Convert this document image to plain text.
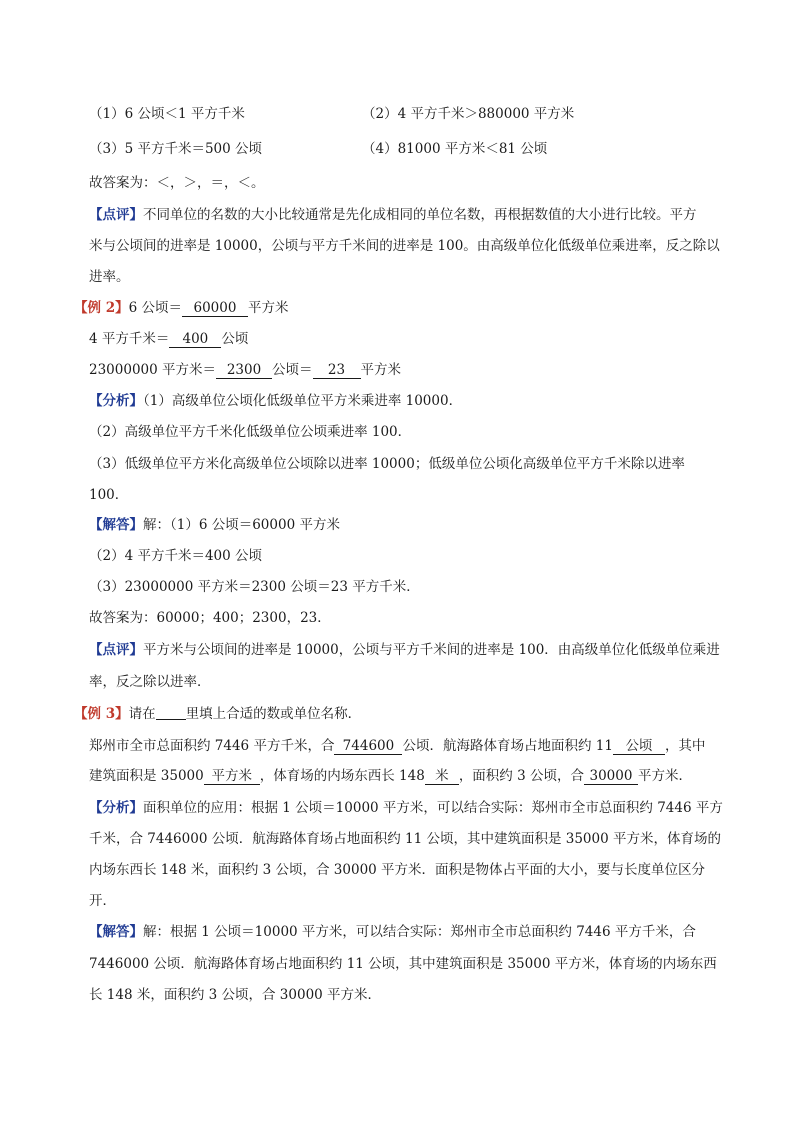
（1）6 公顷＜1 平方千米	（2）4 平方千米＞880000 平方米
（3）5 平方千米＝500 公顷	（4）81000 平方米＜81 公顷
故答案为：＜，＞，＝，＜。
【点评】不同单位的名数的大小比较通常是先化成相同的单位名数，再根据数值的大小进行比较。平方
米与公顷间的进率是 10000，公顷与平方千米间的进率是 100。由高级单位化低级单位乘进率，反之除以
进率。
【例 2】6 公顷＝ 60000 平方米
4 平方千米＝ 400 公顷
23000000 平方米＝ 2300 公顷＝ 23 平方米
【分析】（1）高级单位公顷化低级单位平方米乘进率 10000．
（2）高级单位平方千米化低级单位公顷乘进率 100．
（3）低级单位平方米化高级单位公顷除以进率 10000；低级单位公顷化高级单位平方千米除以进率
100．
【解答】解：（1）6 公顷＝60000 平方米
（2）4 平方千米＝400 公顷
（3）23000000 平方米＝2300 公顷＝23 平方千米．
故答案为：60000；400；2300，23．
【点评】平方米与公顷间的进率是 10000，公顷与平方千米间的进率是 100．由高级单位化低级单位乘进
率，反之除以进率．
【例 3】请在 里填上合适的数或单位名称．
郑州市全市总面积约 7446 平方千米，合 744600 公顷．航海路体育场占地面积约 11 公顷 ，其中
建筑面积是 35000 平方米 ，体育场的内场东西长 148 米 ，面积约 3 公顷，合 30000 平方米．
【分析】面积单位的应用：根据 1 公顷＝10000 平方米，可以结合实际：郑州市全市总面积约 7446 平方
千米，合 7446000 公顷．航海路体育场占地面积约 11 公顷，其中建筑面积是 35000 平方米，体育场的
内场东西长 148 米，面积约 3 公顷，合 30000 平方米．面积是物体占平面的大小，要与长度单位区分
开．
【解答】解：根据 1 公顷＝10000 平方米，可以结合实际：郑州市全市总面积约 7446 平方千米，合
7446000 公顷．航海路体育场占地面积约 11 公顷，其中建筑面积是 35000 平方米，体育场的内场东西
长 148 米，面积约 3 公顷，合 30000 平方米．
